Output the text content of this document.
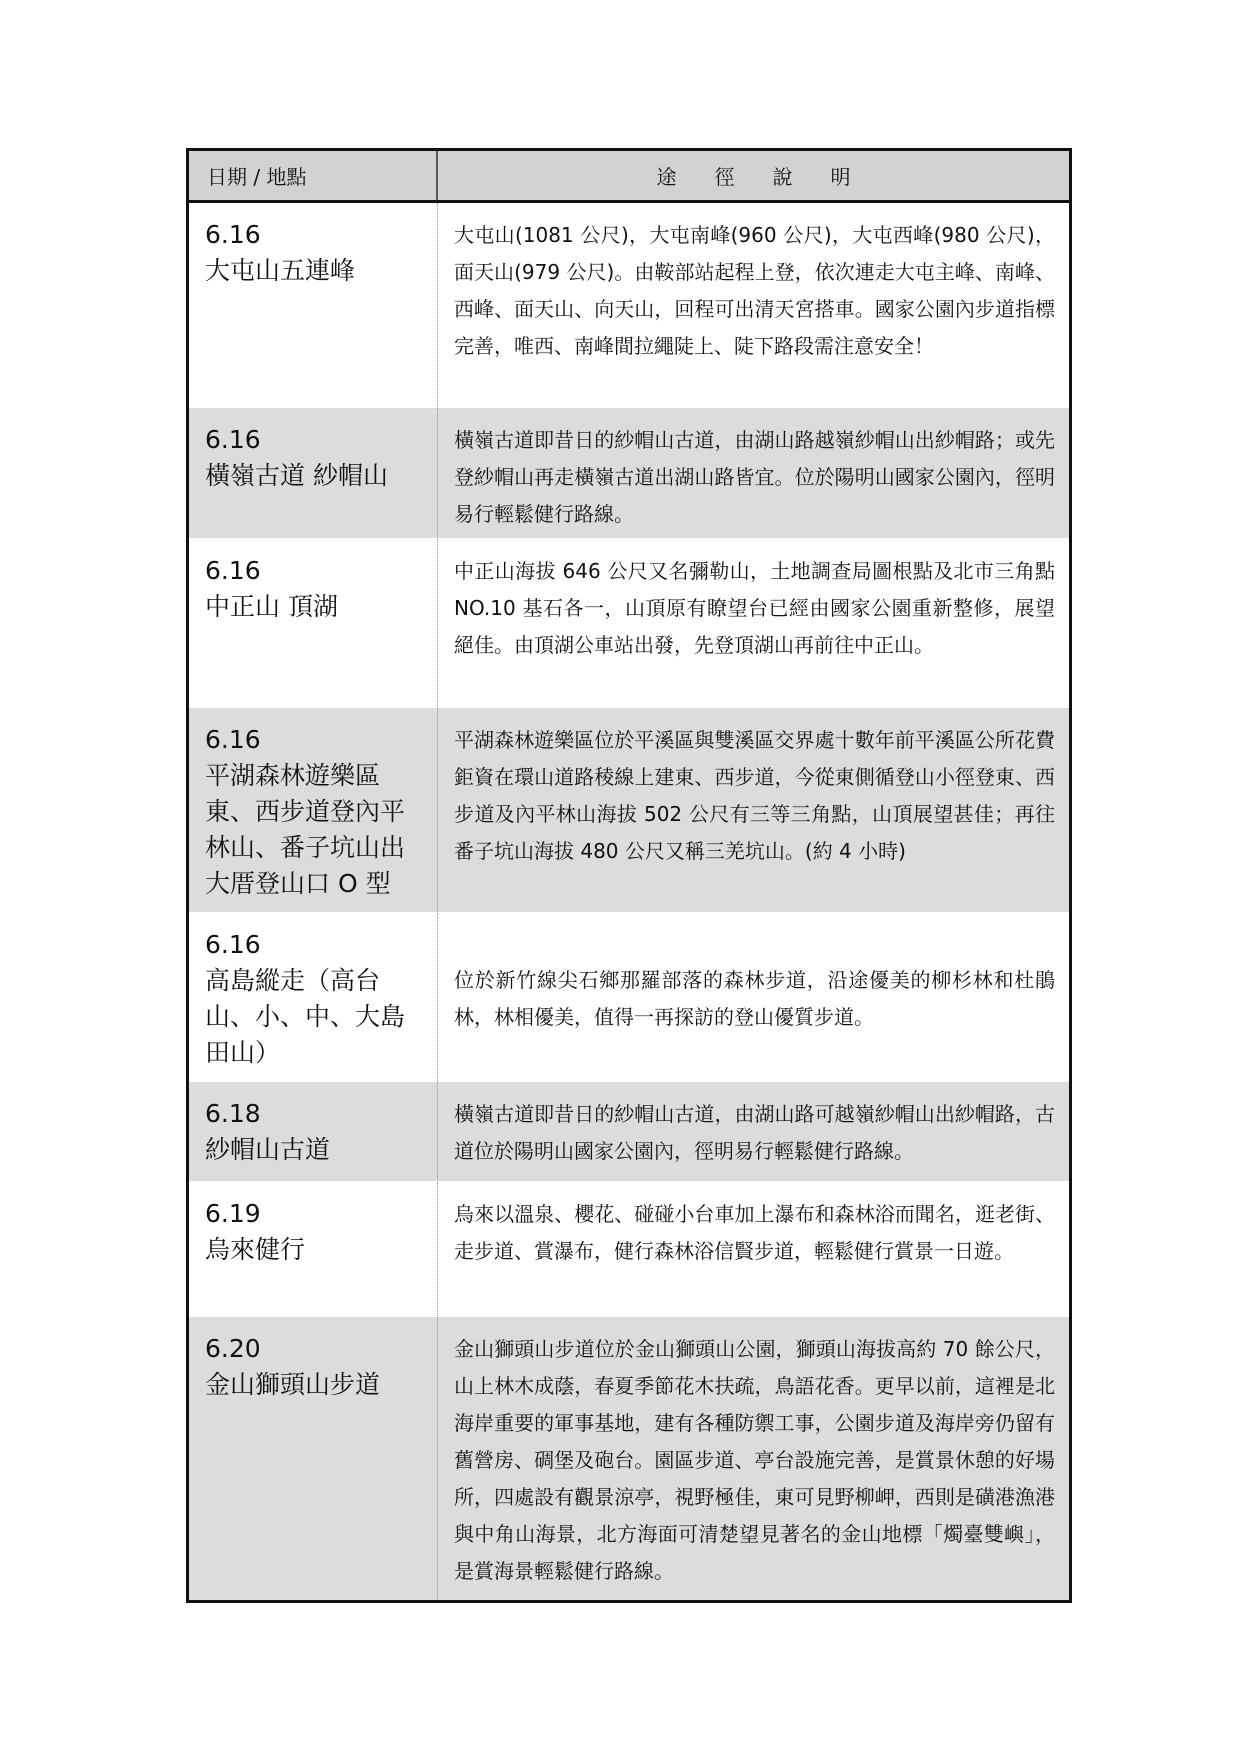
日期 / 地點	途徑說明
6.16
大屯山五連峰
大屯山(1081 公尺)，大屯南峰(960 公尺)，大屯西峰(980 公尺)，面天山(979 公尺)。由鞍部站起程上登，依次連走大屯主峰、南峰、西峰、面天山、向天山，回程可出清天宮搭車。國家公園內步道指標完善，唯西、南峰間拉繩陡上、陡下路段需注意安全！
6.16
橫嶺古道 紗帽山
橫嶺古道即昔日的紗帽山古道，由湖山路越嶺紗帽山出紗帽路；或先登紗帽山再走橫嶺古道出湖山路皆宜。位於陽明山國家公園內，徑明易行輕鬆健行路線。
6.16
中正山 頂湖
中正山海拔 646 公尺又名彌勒山，土地調查局圖根點及北市三角點 NO.10 基石各一，山頂原有瞭望台已經由國家公園重新整修，展望絕佳。由頂湖公車站出發，先登頂湖山再前往中正山。
6.16
平湖森林遊樂區東、西步道登內平林山、番子坑山出大厝登山口 O 型
平湖森林遊樂區位於平溪區與雙溪區交界處十數年前平溪區公所花費鉅資在環山道路稜線上建東、西步道，今從東側循登山小徑登東、西步道及內平林山海拔 502 公尺有三等三角點，山頂展望甚佳；再往番子坑山海拔 480 公尺又稱三羌坑山。(約 4 小時)
6.16
高島縱走（高台山、小、中、大島田山）
位於新竹線尖石鄉那羅部落的森林步道，沿途優美的柳杉林和杜鵑林，林相優美，值得一再探訪的登山優質步道。
6.18
紗帽山古道
橫嶺古道即昔日的紗帽山古道，由湖山路可越嶺紗帽山出紗帽路，古道位於陽明山國家公園內，徑明易行輕鬆健行路線。
6.19
烏來健行
烏來以溫泉、櫻花、碰碰小台車加上瀑布和森林浴而聞名，逛老街、走步道、賞瀑布，健行森林浴信賢步道，輕鬆健行賞景一日遊。
6.20
金山獅頭山步道
金山獅頭山步道位於金山獅頭山公園，獅頭山海拔高約 70 餘公尺，山上林木成蔭，春夏季節花木扶疏，鳥語花香。更早以前，這裡是北海岸重要的軍事基地，建有各種防禦工事，公園步道及海岸旁仍留有舊營房、碉堡及砲台。園區步道、亭台設施完善，是賞景休憩的好場所，四處設有觀景涼亭，視野極佳，東可見野柳岬，西則是磺港漁港與中角山海景，北方海面可清楚望見著名的金山地標「燭臺雙嶼」，是賞海景輕鬆健行路線。
